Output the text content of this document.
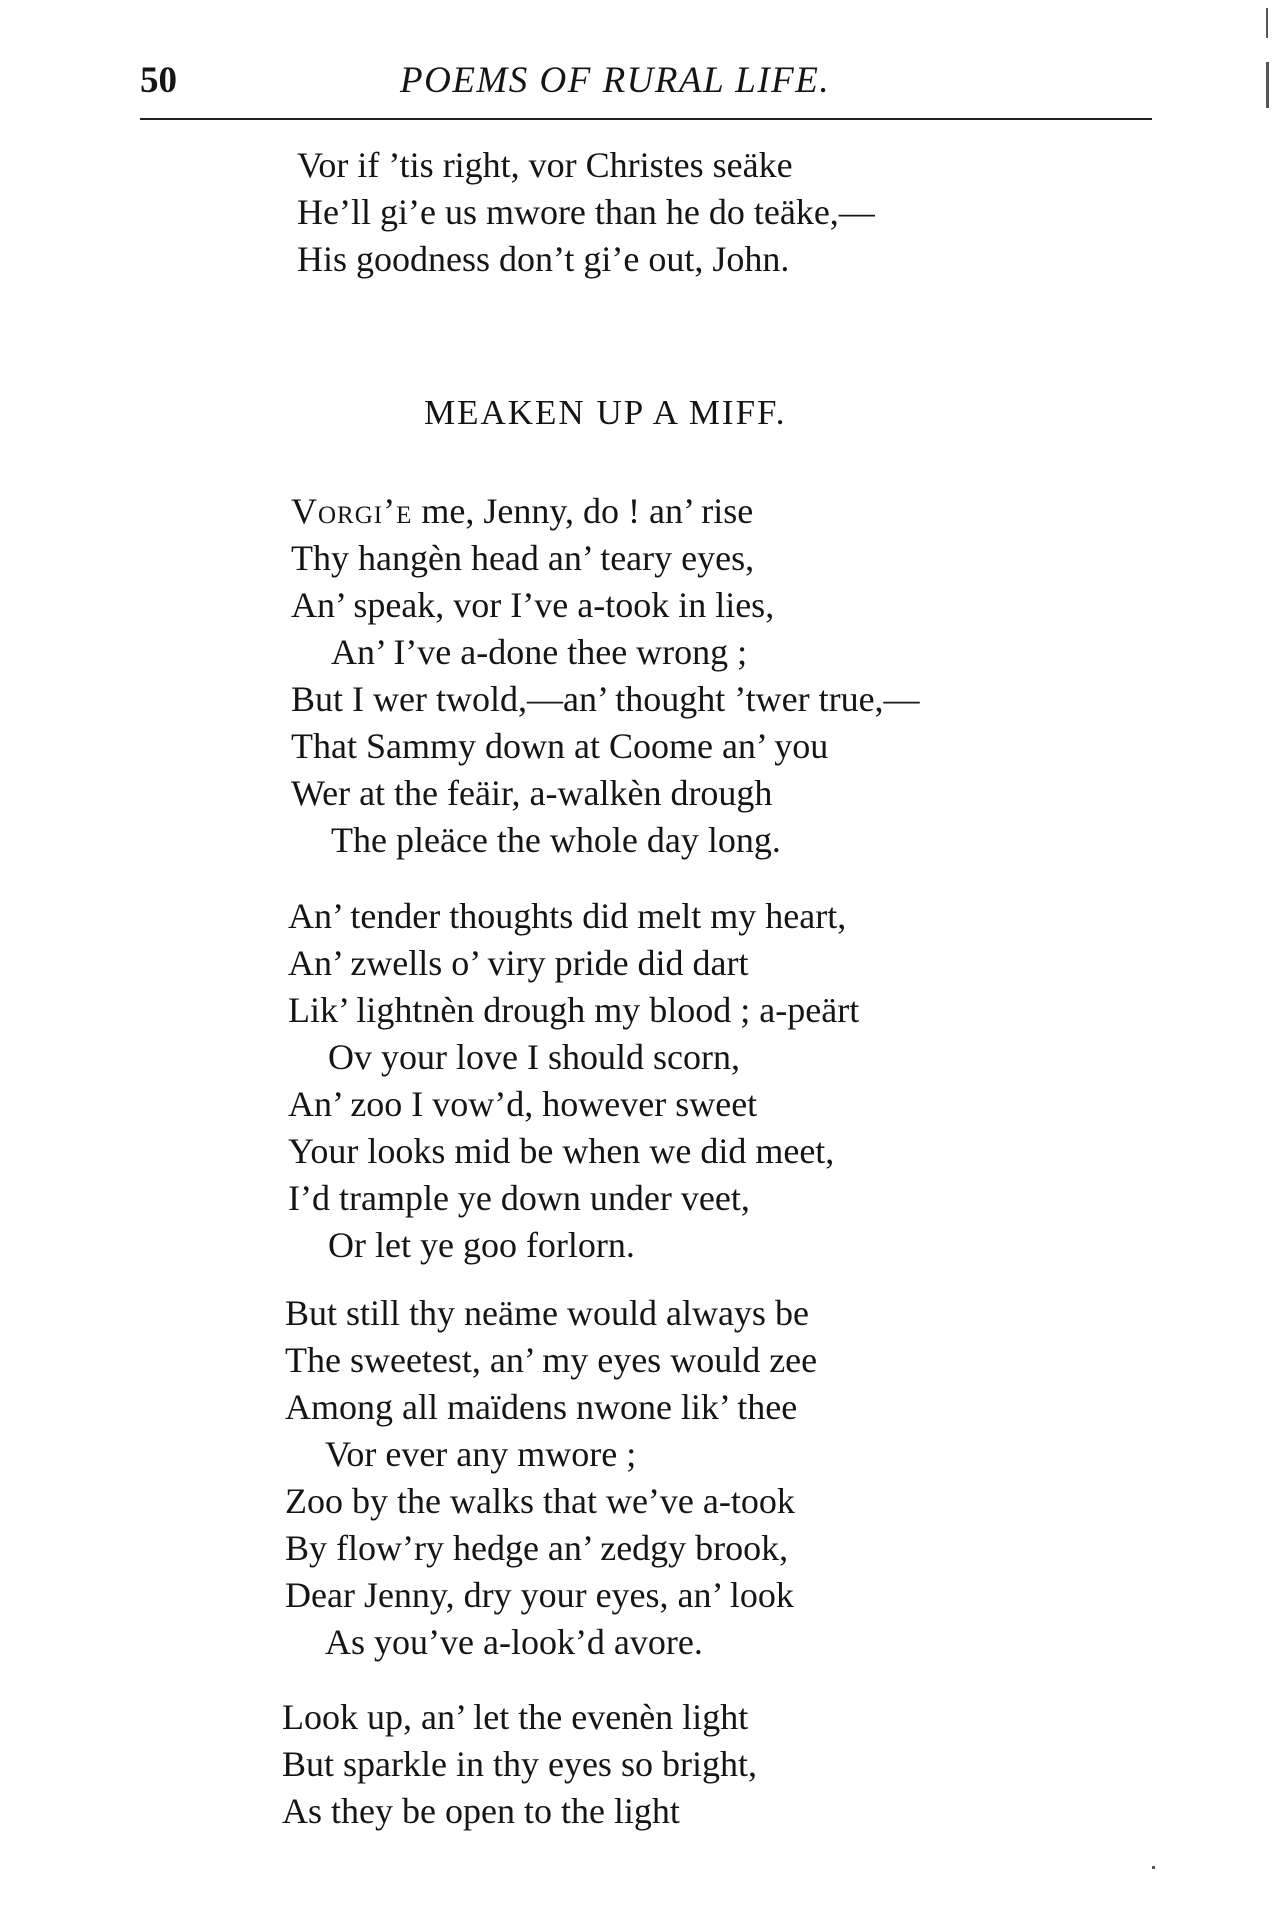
50	POEMS OF RURAL LIFE.
Vor if ’tis right, vor Christes seäke
He’ll gi’e us mwore than he do teäke,—
His goodness don’t gi’e out, John.
MEAKEN UP A MIFF.
Vorgi’e me, Jenny, do ! an’ rise
Thy hangèn head an’ teary eyes,
An’ speak, vor I’ve a-took in lies,
An’ I’ve a-done thee wrong ;
But I wer twold,—an’ thought ’twer true,—
That Sammy down at Coome an’ you
Wer at the feäir, a-walkèn drough
The pleäce the whole day long.
An’ tender thoughts did melt my heart,
An’ zwells o’ viry pride did dart
Lik’ lightnèn drough my blood ; a-peärt
Ov your love I should scorn,
An’ zoo I vow’d, however sweet
Your looks mid be when we did meet,
I’d trample ye down under veet,
Or let ye goo forlorn.
But still thy neäme would always be
The sweetest, an’ my eyes would zee
Among all maïdens nwone lik’ thee
Vor ever any mwore ;
Zoo by the walks that we’ve a-took
By flow’ry hedge an’ zedgy brook,
Dear Jenny, dry your eyes, an’ look
As you’ve a-look’d avore.
Look up, an’ let the evenèn light
But sparkle in thy eyes so bright,
As they be open to the light
